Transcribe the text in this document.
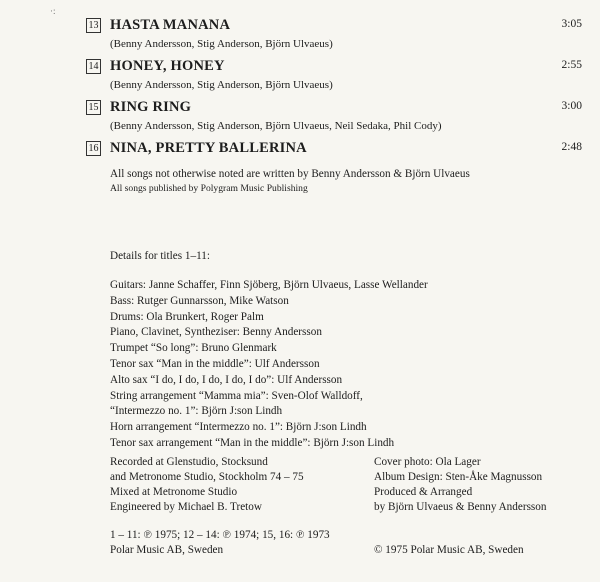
·:
13 HASTA MANANA	3:05
(Benny Andersson, Stig Anderson, Björn Ulvaeus)
14 HONEY, HONEY	2:55
(Benny Andersson, Stig Anderson, Björn Ulvaeus)
15 RING RING	3:00
(Benny Andersson, Stig Anderson, Björn Ulvaeus, Neil Sedaka, Phil Cody)
16 NINA, PRETTY BALLERINA	2:48
All songs not otherwise noted are written by Benny Andersson & Björn Ulvaeus
All songs published by Polygram Music Publishing
Details for titles 1–11:
Guitars: Janne Schaffer, Finn Sjöberg, Björn Ulvaeus, Lasse Wellander
Bass: Rutger Gunnarsson, Mike Watson
Drums: Ola Brunkert, Roger Palm
Piano, Clavinet, Syntheziser: Benny Andersson
Trumpet “So long”: Bruno Glenmark
Tenor sax “Man in the middle”: Ulf Andersson
Alto sax “I do, I do, I do, I do, I do”: Ulf Andersson
String arrangement “Mamma mia”: Sven-Olof Walldoff,
“Intermezzo no. 1”: Björn J:son Lindh
Horn arrangement “Intermezzo no. 1”: Björn J:son Lindh
Tenor sax arrangement “Man in the middle”: Björn J:son Lindh
Recorded at Glenstudio, Stocksund
and Metronome Studio, Stockholm 74 – 75
Mixed at Metronome Studio
Engineered by Michael B. Tretow
Cover photo: Ola Lager
Album Design: Sten-Åke Magnusson
Produced & Arranged
by Björn Ulvaeus & Benny Andersson
1 – 11: ℗ 1975; 12 – 14: ℗ 1974; 15, 16: ℗ 1973
Polar Music AB, Sweden	© 1975 Polar Music AB, Sweden
